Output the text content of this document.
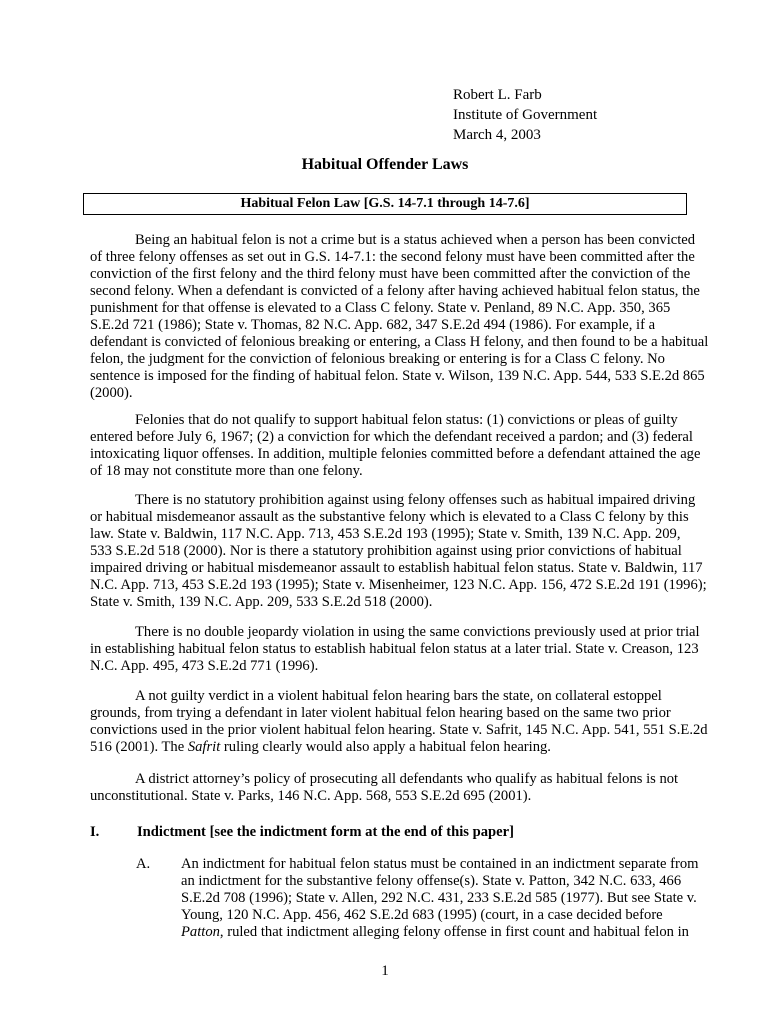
Robert L. Farb
Institute of Government
March 4, 2003
Habitual Offender Laws
Habitual Felon Law [G.S. 14-7.1 through 14-7.6]
Being an habitual felon is not a crime but is a status achieved when a person has been convicted
of three felony offenses as set out in G.S. 14-7.1: the second felony must have been committed after the
conviction of the first felony and the third felony must have been committed after the conviction of the
second felony. When a defendant is convicted of a felony after having achieved habitual felon status, the
punishment for that offense is elevated to a Class C felony. State v. Penland, 89 N.C. App. 350, 365
S.E.2d 721 (1986); State v. Thomas, 82 N.C. App. 682, 347 S.E.2d 494 (1986). For example, if a
defendant is convicted of felonious breaking or entering, a Class H felony, and then found to be a habitual
felon, the judgment for the conviction of felonious breaking or entering is for a Class C felony. No
sentence is imposed for the finding of habitual felon. State v. Wilson, 139 N.C. App. 544, 533 S.E.2d 865
(2000).
Felonies that do not qualify to support habitual felon status: (1) convictions or pleas of guilty
entered before July 6, 1967; (2) a conviction for which the defendant received a pardon; and (3) federal
intoxicating liquor offenses. In addition, multiple felonies committed before a defendant attained the age
of 18 may not constitute more than one felony.
There is no statutory prohibition against using felony offenses such as habitual impaired driving
or habitual misdemeanor assault as the substantive felony which is elevated to a Class C felony by this
law. State v. Baldwin, 117 N.C. App. 713, 453 S.E.2d 193 (1995); State v. Smith, 139 N.C. App. 209,
533 S.E.2d 518 (2000). Nor is there a statutory prohibition against using prior convictions of habitual
impaired driving or habitual misdemeanor assault to establish habitual felon status. State v. Baldwin, 117
N.C. App. 713, 453 S.E.2d 193 (1995); State v. Misenheimer, 123 N.C. App. 156, 472 S.E.2d 191 (1996);
State v. Smith, 139 N.C. App. 209, 533 S.E.2d 518 (2000).
There is no double jeopardy violation in using the same convictions previously used at prior trial
in establishing habitual felon status to establish habitual felon status at a later trial. State v. Creason, 123
N.C. App. 495, 473 S.E.2d 771 (1996).
A not guilty verdict in a violent habitual felon hearing bars the state, on collateral estoppel
grounds, from trying a defendant in later violent habitual felon hearing based on the same two prior
convictions used in the prior violent habitual felon hearing. State v. Safrit, 145 N.C. App. 541, 551 S.E.2d
516 (2001). The Safrit ruling clearly would also apply a habitual felon hearing.
A district attorney’s policy of prosecuting all defendants who qualify as habitual felons is not
unconstitutional. State v. Parks, 146 N.C. App. 568, 553 S.E.2d 695 (2001).
I.	Indictment [see the indictment form at the end of this paper]
A. An indictment for habitual felon status must be contained in an indictment separate from
an indictment for the substantive felony offense(s). State v. Patton, 342 N.C. 633, 466
S.E.2d 708 (1996); State v. Allen, 292 N.C. 431, 233 S.E.2d 585 (1977). But see State v.
Young, 120 N.C. App. 456, 462 S.E.2d 683 (1995) (court, in a case decided before
Patton, ruled that indictment alleging felony offense in first count and habitual felon in
1
